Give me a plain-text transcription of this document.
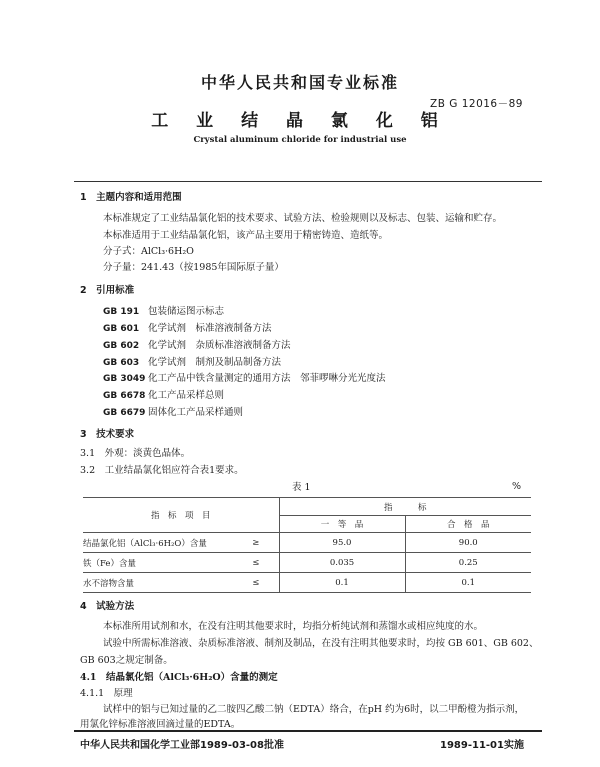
中华人民共和国专业标准
ZB G 12016－89
工 业 结 晶 氯 化 铝
Crystal aluminum chloride for industrial use
1　主题内容和适用范围
本标准规定了工业结晶氯化铝的技术要求、试验方法、检验规则以及标志、包装、运输和贮存。
本标准适用于工业结晶氯化铝，该产品主要用于精密铸造、造纸等。
分子式：AlCl₃·6H₂O
分子量：241.43（按1985年国际原子量）
2　引用标准
GB 191 包装储运图示标志
GB 601 化学试剂　标准溶液制备方法
GB 602 化学试剂　杂质标准溶液制备方法
GB 603 化学试剂　制剂及制品制备方法
GB 3049 化工产品中铁含量测定的通用方法　邻菲啰啉分光光度法
GB 6678 化工产品采样总则
GB 6679 固体化工产品采样通则
3　技术要求
3.1　外观：淡黄色晶体。
3.2　工业结晶氯化铝应符合表1要求。
表 1	%
指　标　项　目		指　　　标	
		一　等　品	合　格　品
结晶氯化铝（AlCl₃·6H₂O）含量	≥	95.0	90.0
铁（Fe）含量	≤	0.035	0.25
水不溶物含量	≤	0.1	0.1
4　试验方法
本标准所用试剂和水，在没有注明其他要求时，均指分析纯试剂和蒸馏水或相应纯度的水。
试验中所需标准溶液、杂质标准溶液、制剂及制品，在没有注明其他要求时，均按 GB 601、GB 602、
GB 603之规定制备。
4.1　结晶氯化铝（AlCl₃·6H₂O）含量的测定
4.1.1　原理
试样中的铝与已知过量的乙二胺四乙酸二钠（EDTA）络合，在pH 约为6时，以二甲酚橙为指示剂，
用氯化锌标准溶液回滴过量的EDTA。
中华人民共和国化学工业部1989-03-08批准	1989-11-01实施
